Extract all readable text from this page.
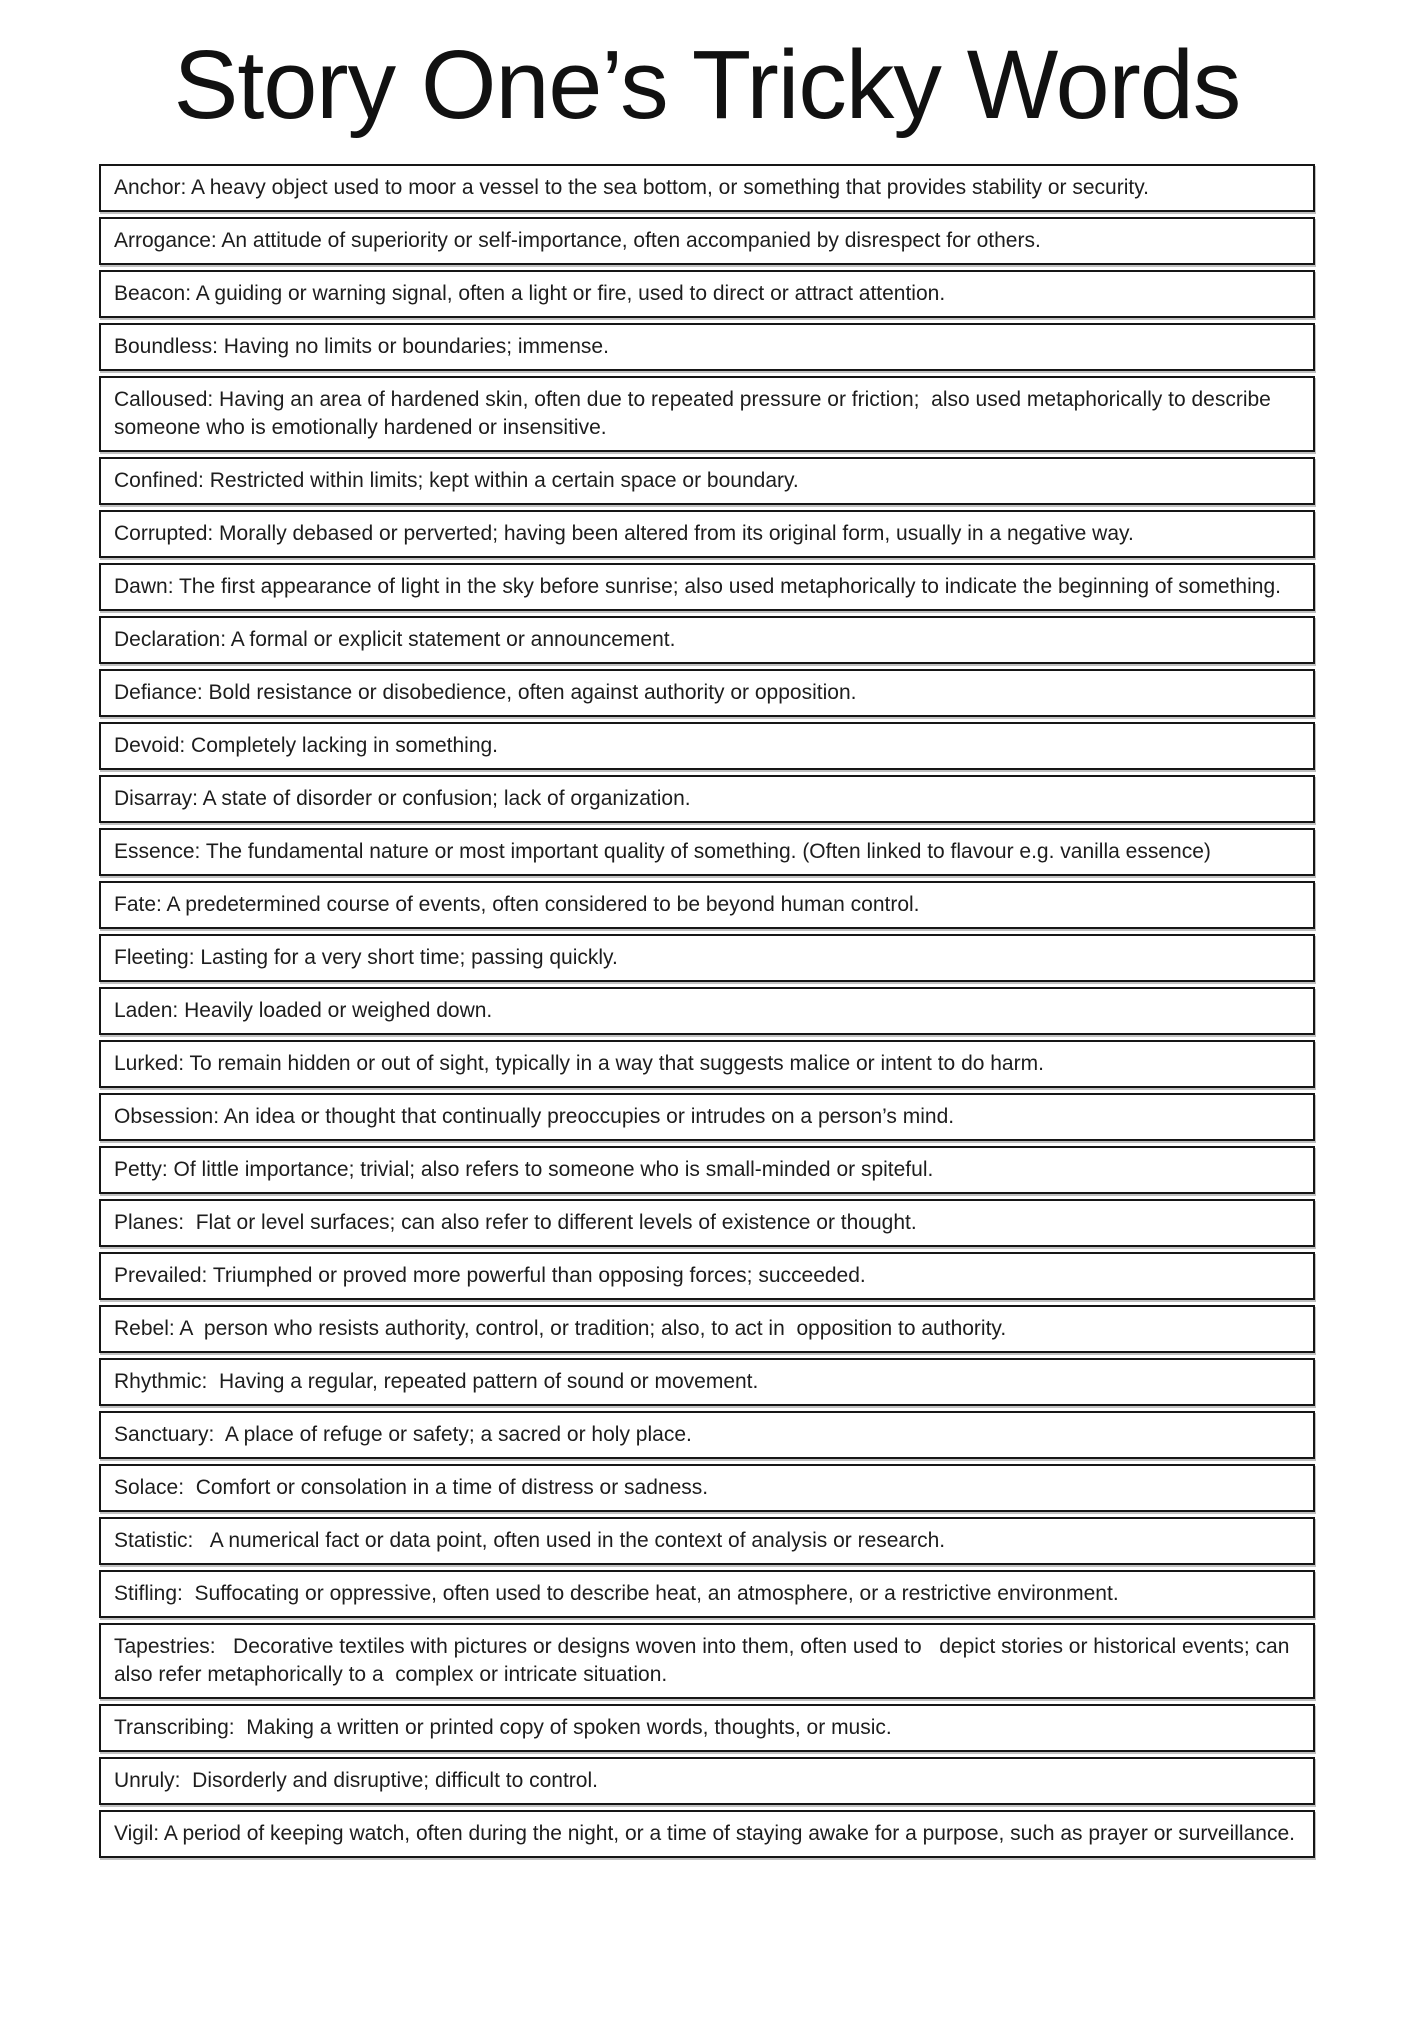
Story One’s Tricky Words

Anchor: A heavy object used to moor a vessel to the sea bottom, or something that provides stability or security.

Arrogance: An attitude of superiority or self-importance, often accompanied by disrespect for others.

Beacon: A guiding or warning signal, often a light or fire, used to direct or attract attention.

Boundless: Having no limits or boundaries; immense.

Calloused: Having an area of hardened skin, often due to repeated pressure or friction;  also used metaphorically to describe someone who is emotionally hardened or insensitive.

Confined: Restricted within limits; kept within a certain space or boundary.

Corrupted: Morally debased or perverted; having been altered from its original form, usually in a negative way.

Dawn: The first appearance of light in the sky before sunrise; also used metaphorically to indicate the beginning of something.

Declaration: A formal or explicit statement or announcement.

Defiance: Bold resistance or disobedience, often against authority or opposition.

Devoid: Completely lacking in something.

Disarray: A state of disorder or confusion; lack of organization.

Essence: The fundamental nature or most important quality of something. (Often linked to flavour e.g. vanilla essence)

Fate: A predetermined course of events, often considered to be beyond human control.

Fleeting: Lasting for a very short time; passing quickly.

Laden: Heavily loaded or weighed down.

Lurked: To remain hidden or out of sight, typically in a way that suggests malice or intent to do harm.

Obsession: An idea or thought that continually preoccupies or intrudes on a person’s mind.

Petty: Of little importance; trivial; also refers to someone who is small-minded or spiteful.

Planes:  Flat or level surfaces; can also refer to different levels of existence or thought.

Prevailed: Triumphed or proved more powerful than opposing forces; succeeded.

Rebel: A  person who resists authority, control, or tradition; also, to act in  opposition to authority.

Rhythmic:  Having a regular, repeated pattern of sound or movement.

Sanctuary:  A place of refuge or safety; a sacred or holy place.

Solace:  Comfort or consolation in a time of distress or sadness.

Statistic:   A numerical fact or data point, often used in the context of analysis or research.

Stifling:  Suffocating or oppressive, often used to describe heat, an atmosphere, or a restrictive environment.

Tapestries:   Decorative textiles with pictures or designs woven into them, often used to   depict stories or historical events; can also refer metaphorically to a  complex or intricate situation.

Transcribing:  Making a written or printed copy of spoken words, thoughts, or music.

Unruly:  Disorderly and disruptive; difficult to control.

Vigil: A period of keeping watch, often during the night, or a time of staying awake for a purpose, such as prayer or surveillance.
